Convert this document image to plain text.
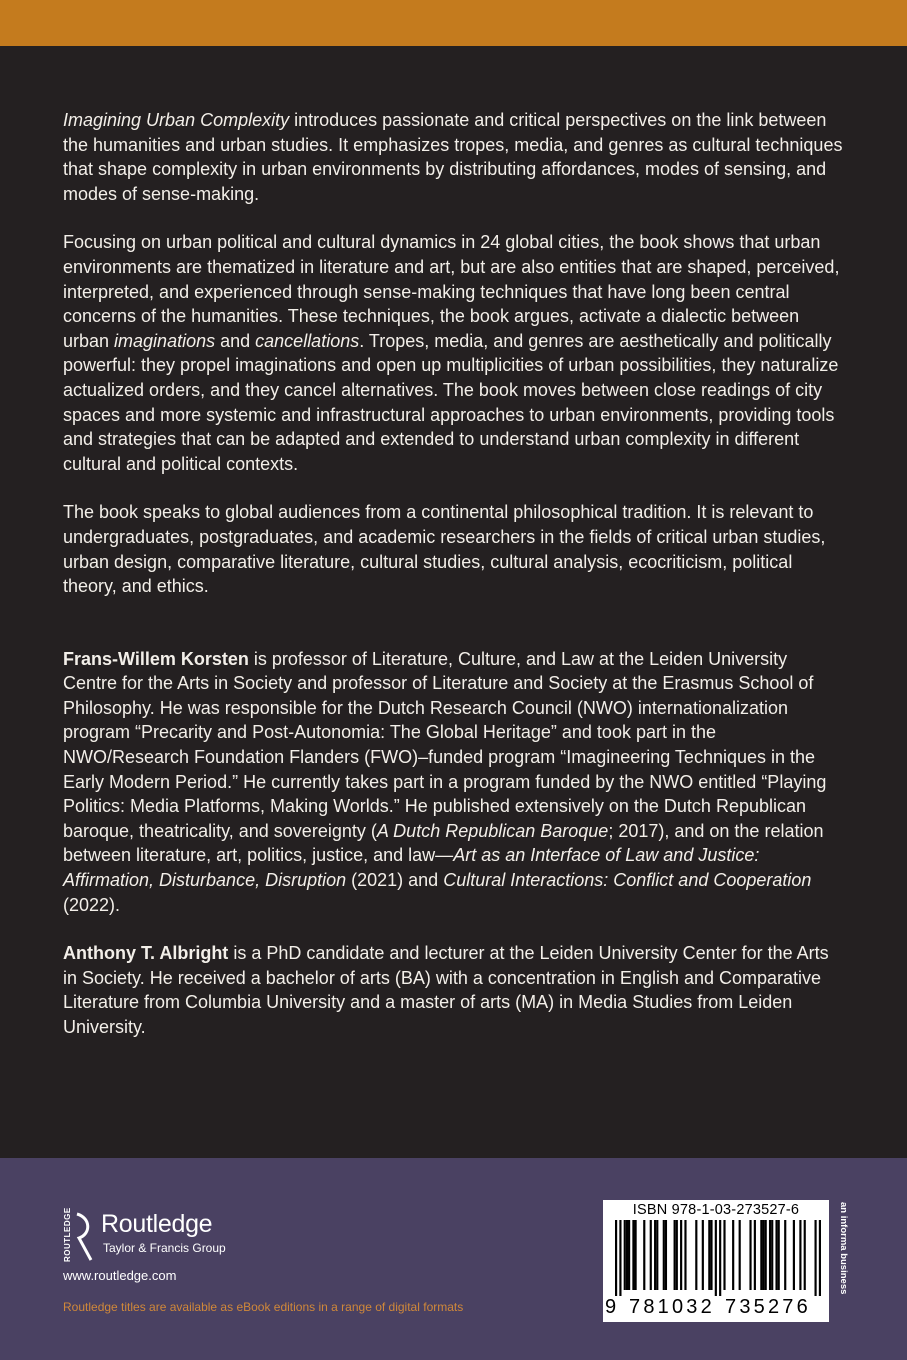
Imagining Urban Complexity introduces passionate and critical perspectives on the link between the humanities and urban studies. It emphasizes tropes, media, and genres as cultural techniques that shape complexity in urban environments by distributing affordances, modes of sensing, and modes of sense-making.

Focusing on urban political and cultural dynamics in 24 global cities, the book shows that urban environments are thematized in literature and art, but are also entities that are shaped, perceived, interpreted, and experienced through sense-making techniques that have long been central concerns of the humanities. These techniques, the book argues, activate a dialectic between urban imaginations and cancellations. Tropes, media, and genres are aesthetically and politically powerful: they propel imaginations and open up multiplicities of urban possibilities, they naturalize actualized orders, and they cancel alternatives. The book moves between close readings of city spaces and more systemic and infrastructural approaches to urban environments, providing tools and strategies that can be adapted and extended to understand urban complexity in different cultural and political contexts.

The book speaks to global audiences from a continental philosophical tradition. It is relevant to undergraduates, postgraduates, and academic researchers in the fields of critical urban studies, urban design, comparative literature, cultural studies, cultural analysis, ecocriticism, political theory, and ethics.

Frans-Willem Korsten is professor of Literature, Culture, and Law at the Leiden University Centre for the Arts in Society and professor of Literature and Society at the Erasmus School of Philosophy. He was responsible for the Dutch Research Council (NWO) internationalization program “Precarity and Post-Autonomia: The Global Heritage” and took part in the NWO/Research Foundation Flanders (FWO)–funded program “Imagineering Techniques in the Early Modern Period.” He currently takes part in a program funded by the NWO entitled “Playing Politics: Media Platforms, Making Worlds.” He published extensively on the Dutch Republican baroque, theatricality, and sovereignty (A Dutch Republican Baroque; 2017), and on the relation between literature, art, politics, justice, and law—Art as an Interface of Law and Justice: Affirmation, Disturbance, Disruption (2021) and Cultural Interactions: Conflict and Cooperation (2022).

Anthony T. Albright is a PhD candidate and lecturer at the Leiden University Center for the Arts in Society. He received a bachelor of arts (BA) with a concentration in English and Comparative Literature from Columbia University and a master of arts (MA) in Media Studies from Leiden University.

ROUTLEDGE Routledge
Taylor & Francis Group
www.routledge.com
Routledge titles are available as eBook editions in a range of digital formats
ISBN 978-1-03-273527-6
9 781032 735276
an informa business
